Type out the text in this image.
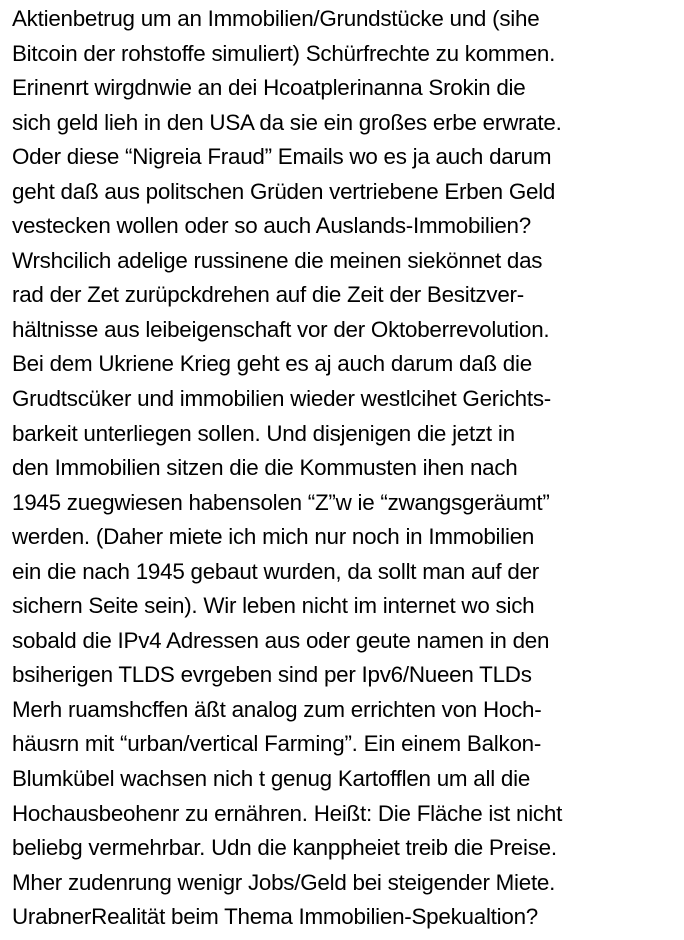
Aktienbetrug um an Immobilien/Grundstücke und (sihe
Bitcoin der rohstoffe simuliert) Schürfrechte zu kommen.
Erinenrt wirgdnwie an dei Hcoatplerinanna Srokin die
sich geld lieh in den USA da sie ein großes erbe erwrate.
Oder diese “Nigreia Fraud” Emails wo es ja auch darum
geht daß aus politschen Grüden vertriebene Erben Geld
vestecken wollen oder so auch Auslands-Immobilien?
Wrshcilich adelige russinene die meinen siekönnet das
rad der Zet zurüpckdrehen auf die Zeit der Besitzver-
hältnisse aus leibeigenschaft vor der Oktoberrevolution.
Bei dem Ukriene Krieg geht es aj auch darum daß die
Grudtscüker und immobilien wieder westlcihet Gerichts-
barkeit unterliegen sollen. Und disjenigen die jetzt in
den Immobilien sitzen die die Kommusten ihen nach
1945 zuegwiesen habensolen “Z”w ie “zwangsgeräumt”
werden. (Daher miete ich mich nur noch in Immobilien
ein die nach 1945 gebaut wurden, da sollt man auf der
sichern Seite sein). Wir leben nicht im internet wo sich
sobald die IPv4 Adressen aus oder geute namen in den
bsiherigen TLDS evrgeben sind per Ipv6/Nueen TLDs
Merh ruamshcffen äßt analog zum errichten von Hoch-
häusrn mit “urban/vertical Farming”. Ein einem Balkon-
Blumkübel wachsen nich t genug Kartofflen um all die
Hochausbeohenr zu ernähren. Heißt: Die Fläche ist nicht
beliebg vermehrbar. Udn die kanppheiet treib die Preise.
Mher zudenrung wenigr Jobs/Geld bei steigender Miete.
UrabnerRealität beim Thema Immobilien-Spekualtion?
